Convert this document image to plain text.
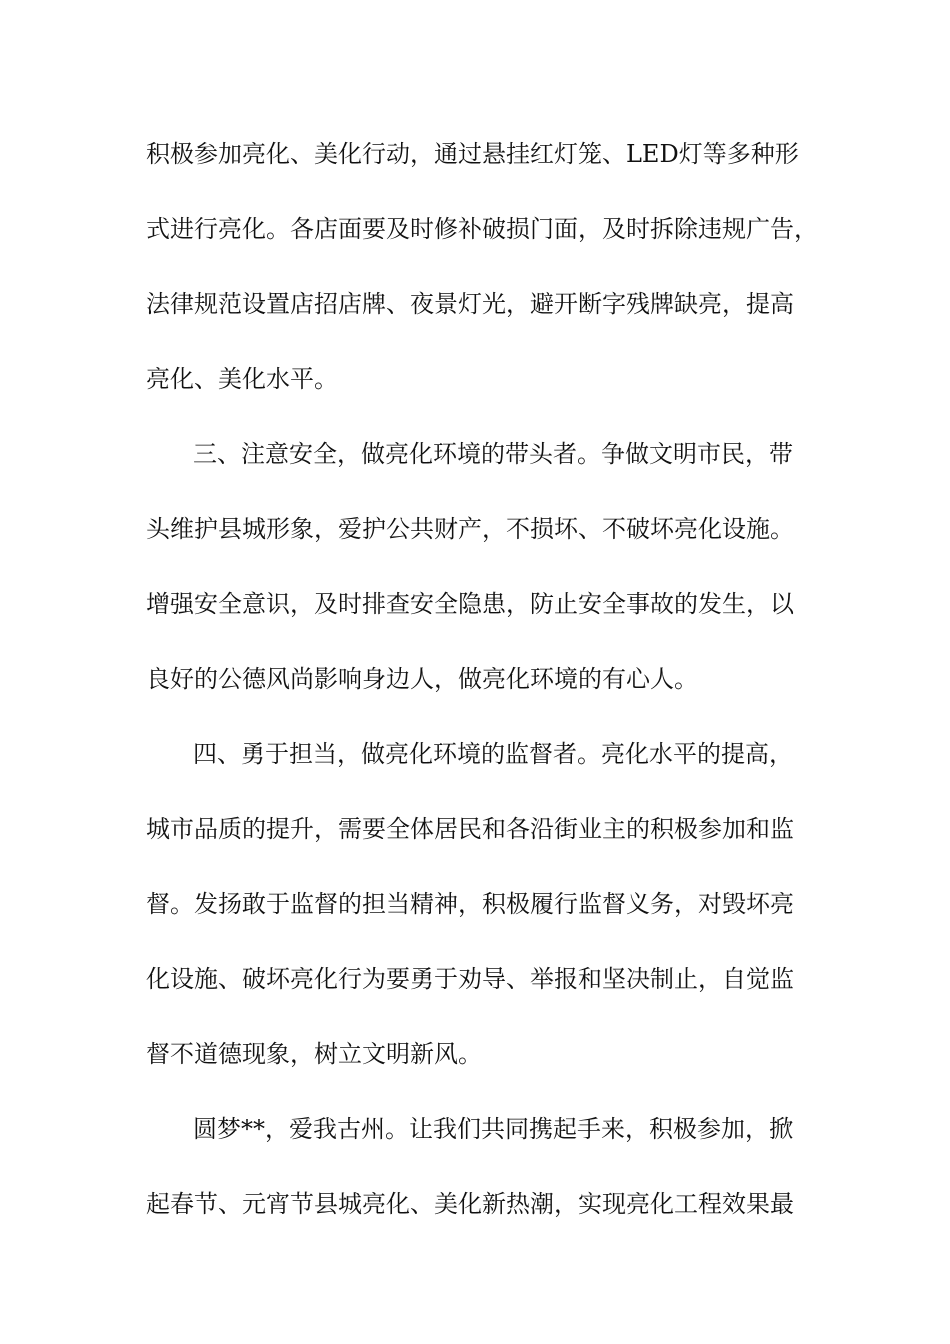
积极参加亮化、美化行动，通过悬挂红灯笼、LED灯等多种形
式进行亮化。各店面要及时修补破损门面，及时拆除违规广告，
法律规范设置店招店牌、夜景灯光，避开断字残牌缺亮，提高
亮化、美化水平。
三、注意安全，做亮化环境的带头者。争做文明市民，带
头维护县城形象，爱护公共财产，不损坏、不破坏亮化设施。
增强安全意识，及时排查安全隐患，防止安全事故的发生，以
良好的公德风尚影响身边人，做亮化环境的有心人。
四、勇于担当，做亮化环境的监督者。亮化水平的提高，
城市品质的提升，需要全体居民和各沿街业主的积极参加和监
督。发扬敢于监督的担当精神，积极履行监督义务，对毁坏亮
化设施、破坏亮化行为要勇于劝导、举报和坚决制止，自觉监
督不道德现象，树立文明新风。
圆梦**，爱我古州。让我们共同携起手来，积极参加，掀
起春节、元宵节县城亮化、美化新热潮，实现亮化工程效果最
